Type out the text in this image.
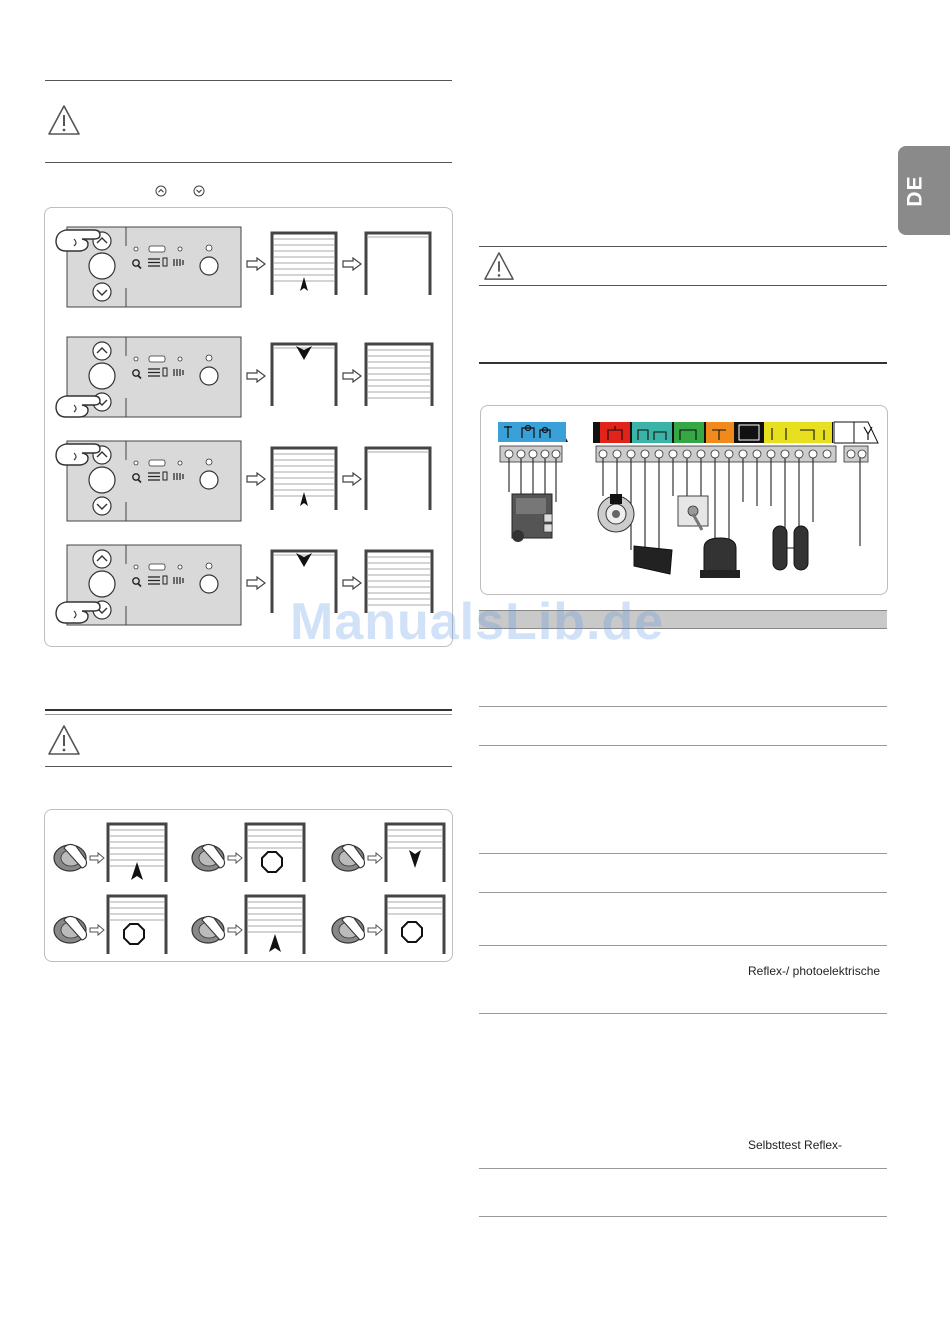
DE
Reflex-/ photoelektrische
Selbsttest Reflex-
ManualsLib.de
